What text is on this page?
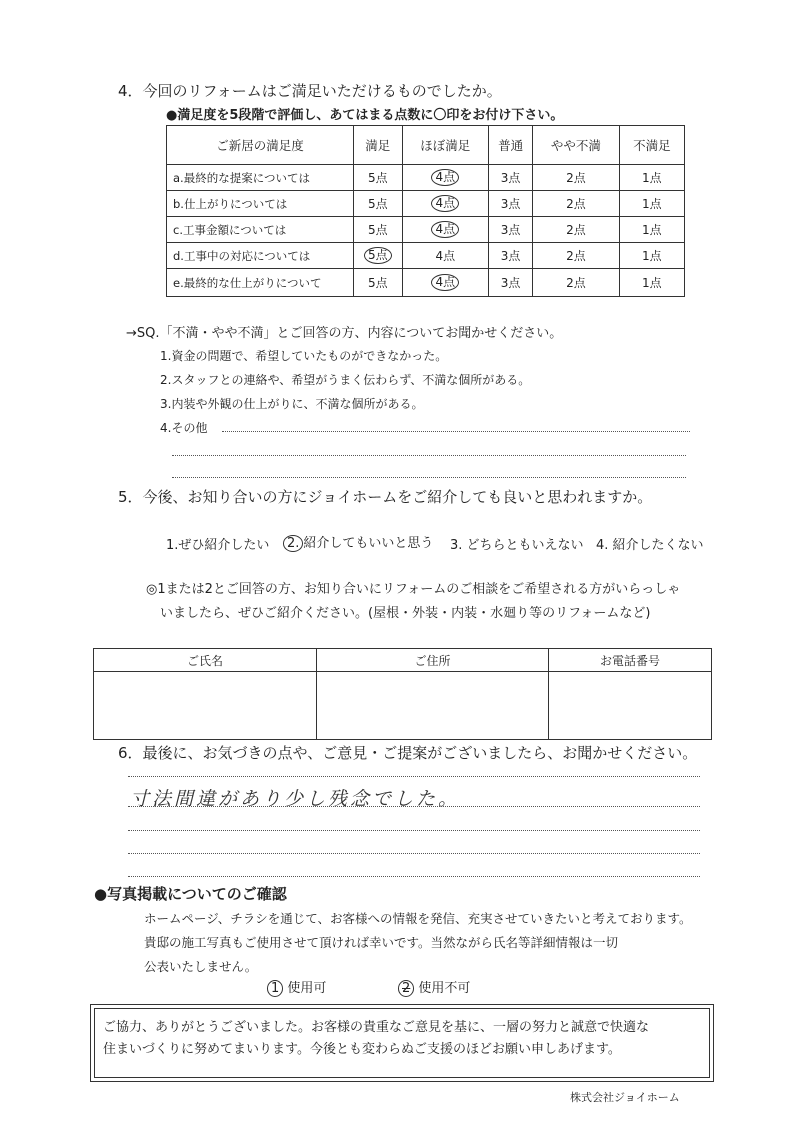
4．今回のリフォームはご満足いただけるものでしたか。
●満足度を5段階で評価し、あてはまる点数に〇印をお付け下さい。
ご新居の満足度	満足	ほぼ満足	普通	やや不満	不満足
a.最終的な提案については	5点	4点	3点	2点	1点
b.仕上がりについては	5点	4点	3点	2点	1点
c.工事金額については	5点	4点	3点	2点	1点
d.工事中の対応については	5点	4点	3点	2点	1点
e.最終的な仕上がりについて	5点	4点	3点	2点	1点
→SQ.「不満・やや不満」とご回答の方、内容についてお聞かせください。
1.資金の問題で、希望していたものができなかった。
2.スタッフとの連絡や、希望がうまく伝わらず、不満な個所がある。
3.内装や外観の仕上がりに、不満な個所がある。
4.その他
5．今後、お知り合いの方にジョイホームをご紹介しても良いと思われますか。
1.ぜひ紹介したい	2. 紹介してもいいと思う 3. どちらともいえない 4. 紹介したくない
◎1または2とご回答の方、お知り合いにリフォームのご相談をご希望される方がいらっしゃ
いましたら、ぜひご紹介ください。(屋根・外装・内装・水廻り等のリフォームなど)
ご氏名	ご住所	お電話番号

6．最後に、お気づきの点や、ご意見・ご提案がございましたら、お聞かせください。
寸法間違があり少し残念でした。
●写真掲載についてのご確認
ホームページ、チラシを通じて、お客様への情報を発信、充実させていきたいと考えております。
貴邸の施工写真もご使用させて頂ければ幸いです。当然ながら氏名等詳細情報は一切
公表いたしません。
1 使用可	2 使用不可
ご協力、ありがとうございました。お客様の貴重なご意見を基に、一層の努力と誠意で快適な
住まいづくりに努めてまいります。今後とも変わらぬご支援のほどお願い申しあげます。
株式会社ジョイホーム
